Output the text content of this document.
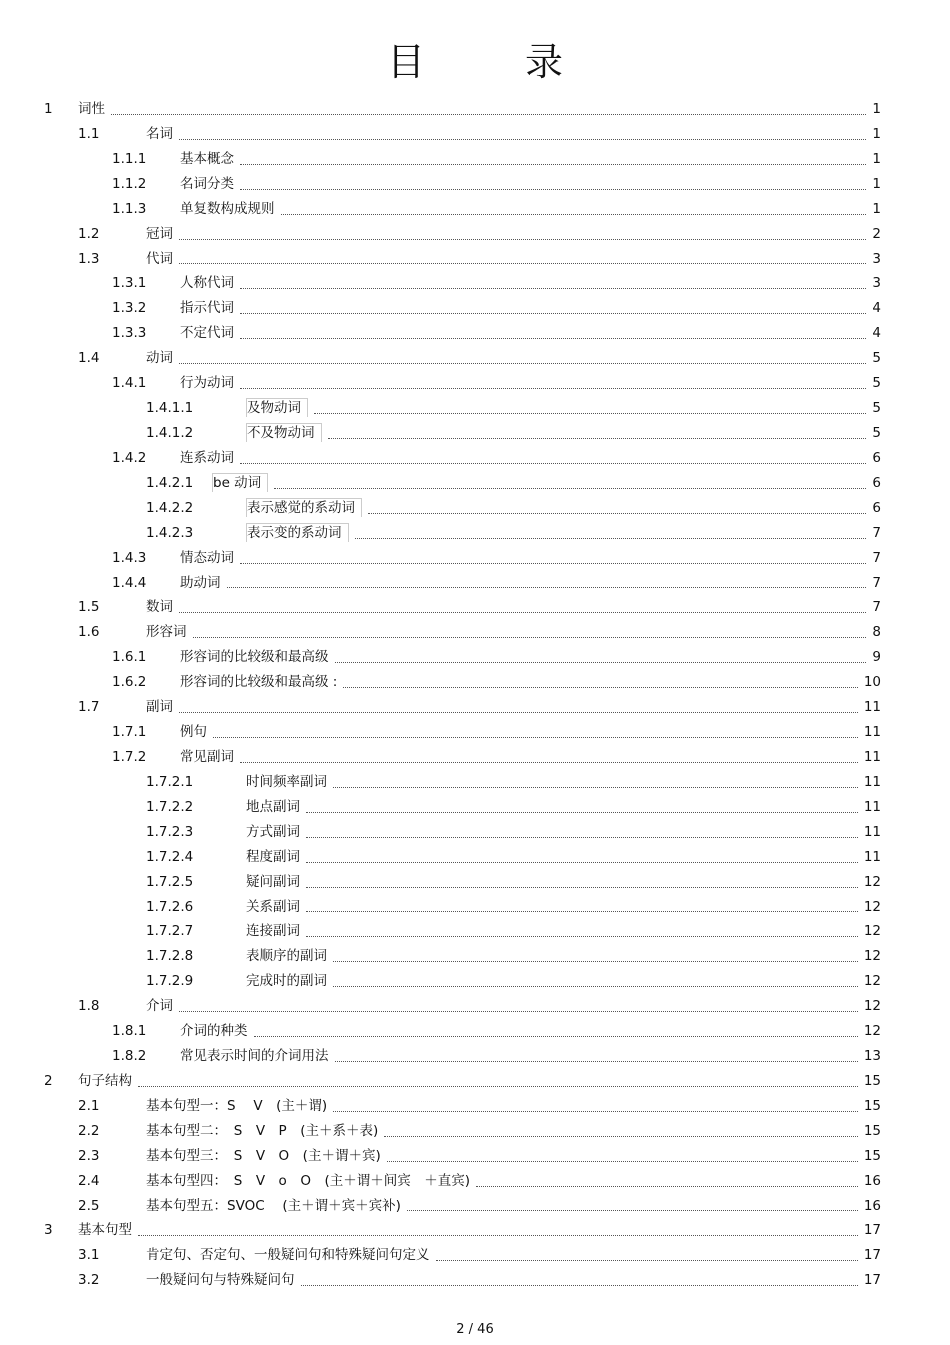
目 录
1 词性	1
1.1	名词	1
1.1.1 基本概念	1
1.1.2 名词分类	1
1.1.3 单复数构成规则	1
1.2	冠词	2
1.3	代词	3
1.3.1 人称代词	3
1.3.2 指示代词	4
1.3.3 不定代词	4
1.4	动词	5
1.4.1 行为动词	5
1.4.1.1	及物动词	5
1.4.1.2	不及物动词	5
1.4.2 连系动词	6
1.4.2.1 be 动词	6
1.4.2.2	表示感觉的系动词	6
1.4.2.3	表示变的系动词	7
1.4.3 情态动词	7
1.4.4 助动词	7
1.5	数词	7
1.6	形容词	8
1.6.1 形容词的比较级和最高级	9
1.6.2 形容词的比较级和最高级 :	10
1.7	副词	11
1.7.1 例句	11
1.7.2 常见副词	11
1.7.2.1	时间频率副词	11
1.7.2.2	地点副词	11
1.7.2.3	方式副词	11
1.7.2.4	程度副词	11
1.7.2.5	疑问副词	12
1.7.2.6	关系副词	12
1.7.2.7	连接副词	12
1.7.2.8	表顺序的副词	12
1.7.2.9	完成时的副词	12
1.8	介词	12
1.8.1 介词的种类	12
1.8.2 常见表示时间的介词用法	13
2 句子结构	15
2.1	基本句型一：S　 V　(主＋谓)	15
2.2	基本句型二：　S　V　P　(主＋系＋表)	15
2.3	基本句型三：　S　V　O　(主＋谓＋宾)	15
2.4	基本句型四：　S　V　o　O　(主＋谓＋间宾　＋直宾)	16
2.5	基本句型五：SVOC　 (主＋谓＋宾＋宾补)	16
3 基本句型	17
3.1	肯定句、否定句、一般疑问句和特殊疑问句定义	17
3.2	一般疑问句与特殊疑问句	17
2 / 46
